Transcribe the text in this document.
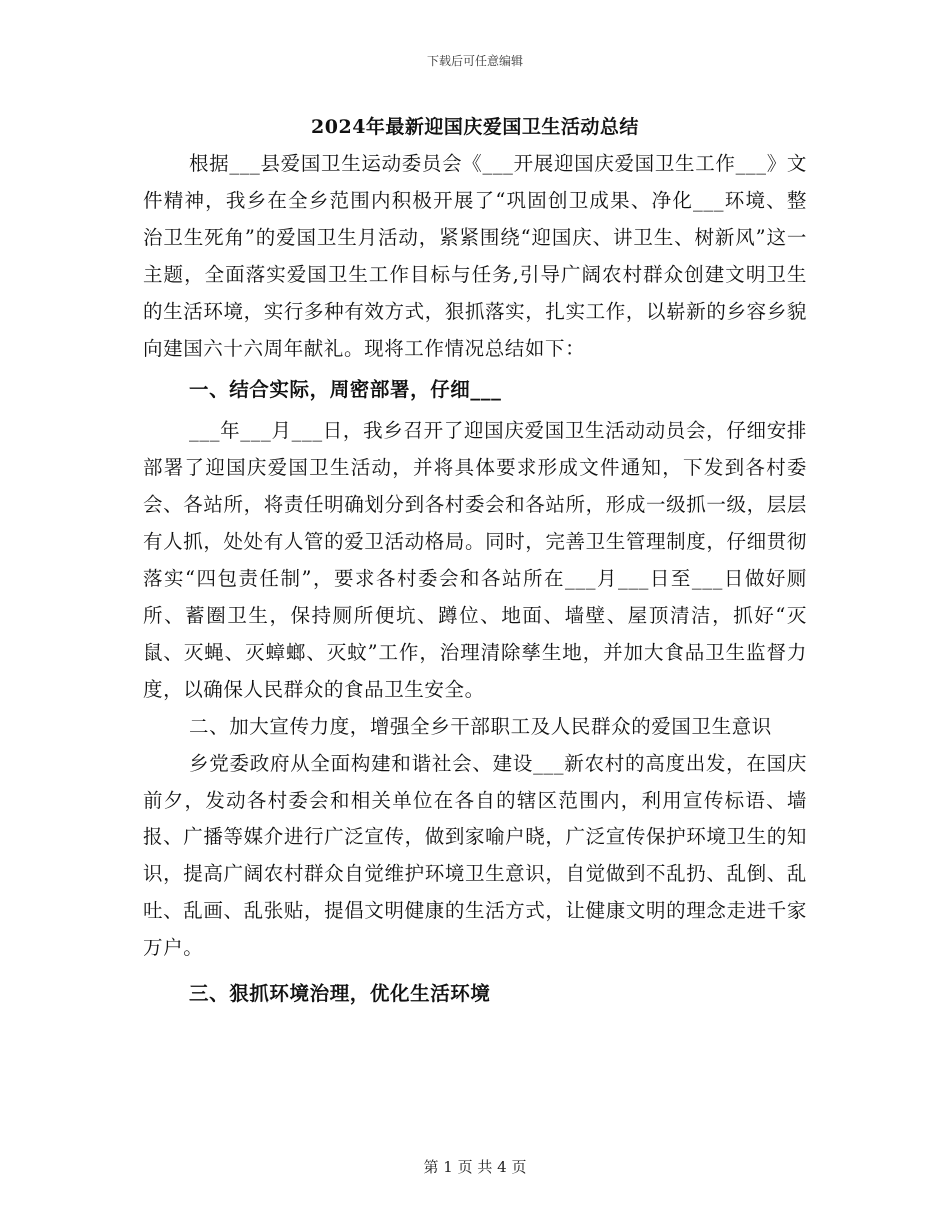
下载后可任意编辑
2024年最新迎国庆爱国卫生活动总结

根据___县爱国卫生运动委员会《___开展迎国庆爱国卫生工作___》文件精神，我乡在全乡范围内积极开展了“巩固创卫成果、净化___环境、整治卫生死角”的爱国卫生月活动，紧紧围绕“迎国庆、讲卫生、树新风”这一主题，全面落实爱国卫生工作目标与任务,引导广阔农村群众创建文明卫生的生活环境，实行多种有效方式，狠抓落实，扎实工作，以崭新的乡容乡貌向建国六十六周年献礼。现将工作情况总结如下：

一、结合实际，周密部署，仔细___

___年___月___日，我乡召开了迎国庆爱国卫生活动动员会，仔细安排部署了迎国庆爱国卫生活动，并将具体要求形成文件通知，下发到各村委会、各站所，将责任明确划分到各村委会和各站所，形成一级抓一级，层层有人抓，处处有人管的爱卫活动格局。同时，完善卫生管理制度，仔细贯彻落实“四包责任制”，要求各村委会和各站所在___月___日至___日做好厕所、蓄圈卫生，保持厕所便坑、蹲位、地面、墙壁、屋顶清洁，抓好“灭鼠、灭蝇、灭蟑螂、灭蚊”工作，治理清除孳生地，并加大食品卫生监督力度，以确保人民群众的食品卫生安全。

二、加大宣传力度，增强全乡干部职工及人民群众的爱国卫生意识

乡党委政府从全面构建和谐社会、建设___新农村的高度出发，在国庆前夕，发动各村委会和相关单位在各自的辖区范围内，利用宣传标语、墙报、广播等媒介进行广泛宣传，做到家喻户晓，广泛宣传保护环境卫生的知识，提高广阔农村群众自觉维护环境卫生意识，自觉做到不乱扔、乱倒、乱吐、乱画、乱张贴，提倡文明健康的生活方式，让健康文明的理念走进千家万户。

三、狠抓环境治理，优化生活环境

第 1 页 共 4 页
